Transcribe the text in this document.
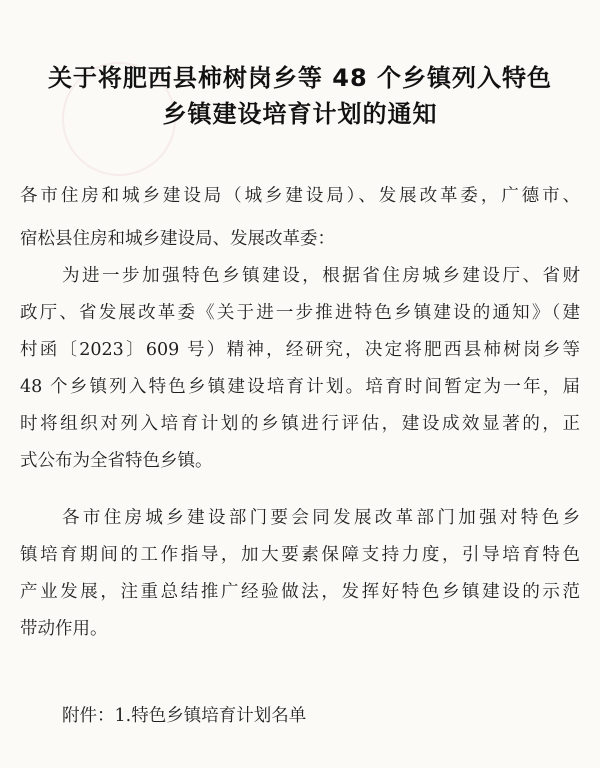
关于将肥西县柿树岗乡等 48 个乡镇列入特色
乡镇建设培育计划的通知
各市住房和城乡建设局（城乡建设局）、发展改革委，广德市、
宿松县住房和城乡建设局、发展改革委：
为进一步加强特色乡镇建设，根据省住房城乡建设厅、省财
政厅、省发展改革委《关于进一步推进特色乡镇建设的通知》（建
村函〔2023〕609 号）精神，经研究，决定将肥西县柿树岗乡等
48 个乡镇列入特色乡镇建设培育计划。培育时间暂定为一年，届
时将组织对列入培育计划的乡镇进行评估，建设成效显著的，正
式公布为全省特色乡镇。
各市住房城乡建设部门要会同发展改革部门加强对特色乡
镇培育期间的工作指导，加大要素保障支持力度，引导培育特色
产业发展，注重总结推广经验做法，发挥好特色乡镇建设的示范
带动作用。
附件：1.特色乡镇培育计划名单
